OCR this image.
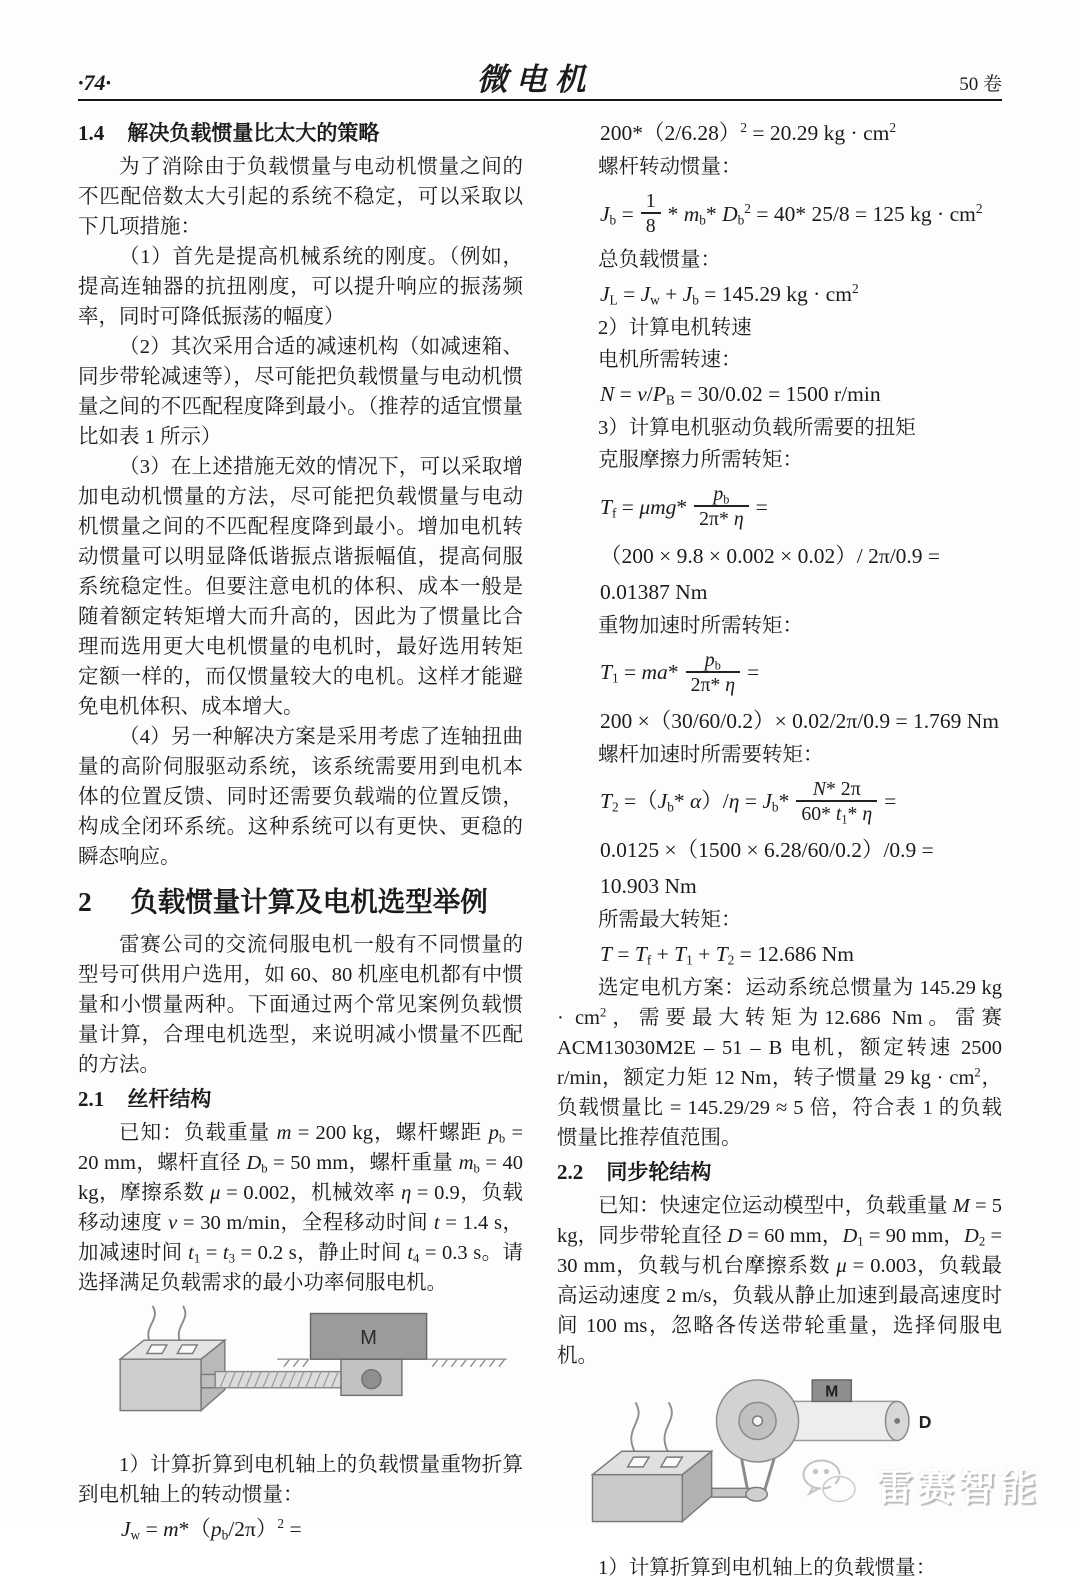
·74·	微电机	50 卷
1.4 解决负载惯量比太大的策略

为了消除由于负载惯量与电动机惯量之间的不匹配倍数太大引起的系统不稳定，可以采取以下几项措施：

（1）首先是提高机械系统的刚度。（例如，提高连轴器的抗扭刚度，可以提升响应的振荡频率，同时可降低振荡的幅度）

（2）其次采用合适的减速机构（如减速箱、同步带轮减速等），尽可能把负载惯量与电动机惯量之间的不匹配程度降到最小。（推荐的适宜惯量比如表 1 所示）

（3）在上述措施无效的情况下，可以采取增加电动机惯量的方法，尽可能把负载惯量与电动机惯量之间的不匹配程度降到最小。增加电机转动惯量可以明显降低谐振点谐振幅值，提高伺服系统稳定性。但要注意电机的体积、成本一般是随着额定转矩增大而升高的，因此为了惯量比合理而选用更大电机惯量的电机时，最好选用转矩定额一样的，而仅惯量较大的电机。这样才能避免电机体积、成本增大。

（4）另一种解决方案是采用考虑了连轴扭曲量的高阶伺服驱动系统，该系统需要用到电机本体的位置反馈、同时还需要负载端的位置反馈，构成全闭环系统。这种系统可以有更快、更稳的瞬态响应。

2 负载惯量计算及电机选型举例

雷赛公司的交流伺服电机一般有不同惯量的型号可供用户选用，如 60、80 机座电机都有中惯量和小惯量两种。下面通过两个常见案例负载惯量计算，合理电机选型，来说明减小惯量不匹配的方法。

2.1 丝杆结构

已知：负载重量 m = 200 kg，螺杆螺距 $p_b = 20$ mm，螺杆直径 $D_b = 50$ mm，螺杆重量 $m_b = 40$ kg，摩擦系数 μ = 0.002，机械效率 η = 0.9，负载移动速度 v = 30 m/min，全程移动时间 t = 1.4 s，加减速时间 $t_1 = t_3 = 0.2$ s，静止时间 $t_4 = 0.3$ s。请选择满足负载需求的最小功率伺服电机。

M

1）计算折算到电机轴上的负载惯量重物折算到电机轴上的转动惯量：

$J_w = m*(p_b/2\pi)^2$ =
$200*(2/6.28)^2 = 20.29$ kg · $cm^2$

螺杆转动惯量：

$J_b = \frac{1}{8} * m_b*$ $D_b^2 = 40*$ 25/8 = 125 kg · $cm^2$

总负载惯量：

$J_L = J_w + J_b = 145.29$ kg · $cm^2$

2）计算电机转速

电机所需转速：

$N = v/P_B = 30/0.02 = 1500$ r/min

3）计算电机驱动负载所需要的扭矩

克服摩擦力所需转矩：

$T_f = \mu mg* \frac{p_b}{2\pi* \eta}$ =
（200 × 9.8 × 0.002 × 0.02）/ 2π/0.9 =
0.01387 Nm

重物加速时所需转矩：

$T_1 = ma* \frac{p_b}{2\pi* \eta}$ =
200 ×（30/60/0.2）× 0.02/2π/0.9 = 1.769 Nm

螺杆加速时所需要转矩：

$T_2 =(J_b*$ $\alpha)/\eta = J_b* \frac{N* 2\pi}{60* t_1* \eta}$ =
0.0125 ×（1500 × 6.28/60/0.2）/0.9 =
10.903 Nm

所需最大转矩：

$T = T_f + T_1 + T_2 = 12.686$ Nm

选定电机方案：运动系统总惯量为 145.29 kg · $cm^2$，需要最大转矩为12.686 Nm。雷赛 ACM13030M2E – 51 – B 电机，额定转速 2500 r/min，额定力矩 12 Nm，转子惯量 29 kg · $cm^2$，负载惯量比 = 145.29/29 ≈ 5 倍，符合表 1 的负载惯量比推荐值范围。

2.2 同步轮结构

已知：快速定位运动模型中，负载重量 M = 5 kg，同步带轮直径 D = 60 mm，$D_1 = 90$ mm，$D_2 = 30$ mm，负载与机台摩擦系数 μ = 0.003，负载最高运动速度 2 m/s，负载从静止加速到最高速度时间 100 ms，忽略各传送带轮重量，选择伺服电机。

D
M

1）计算折算到电机轴上的负载惯量：

雷赛智能
